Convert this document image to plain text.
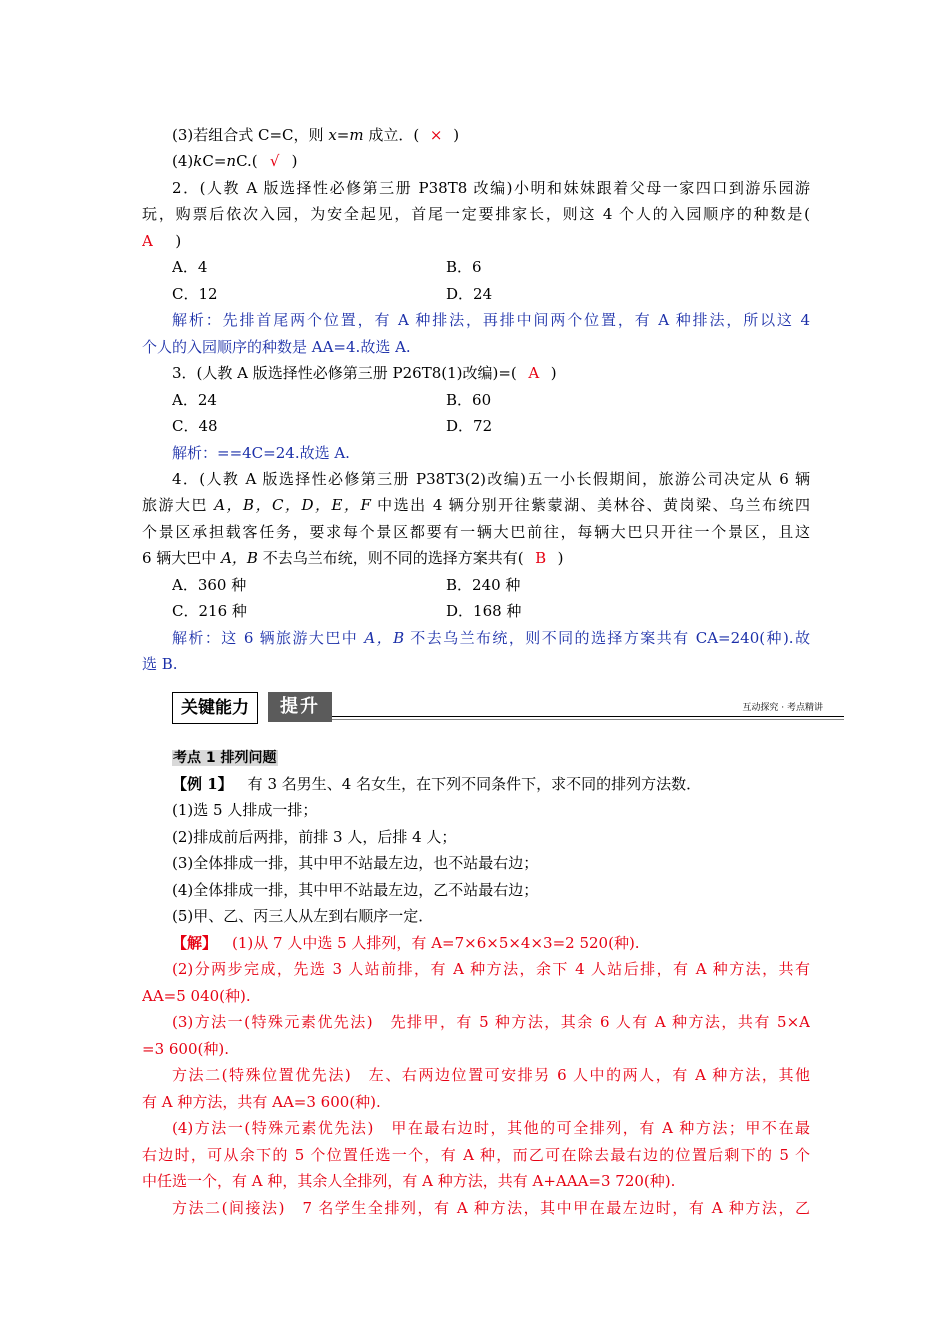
(3)若组合式 C=C，则 x=m 成立．( × )
(4)kC=nC.( √ )
2．(人教 A 版选择性必修第三册 P38T8 改编)小明和妹妹跟着父母一家四口到游乐园游
玩，购票后依次入园，为安全起见，首尾一定要排家长，则这 4 个人的入园顺序的种数是(
A   )
A．4	B．6
C．12	D．24
解析：先排首尾两个位置，有 A 种排法，再排中间两个位置，有 A 种排法，所以这 4
个人的入园顺序的种数是 AA=4.故选 A.
3．(人教 A 版选择性必修第三册 P26T8(1)改编)=( A )
A．24	B．60
C．48	D．72
解析：==4C=24.故选 A.
4．(人教 A 版选择性必修第三册 P38T3(2)改编)五一小长假期间，旅游公司决定从 6 辆
旅游大巴 A，B，C，D，E，F 中选出 4 辆分别开往紫蒙湖、美林谷、黄岗梁、乌兰布统四
个景区承担载客任务，要求每个景区都要有一辆大巴前往，每辆大巴只开往一个景区，且这
6 辆大巴中 A，B 不去乌兰布统，则不同的选择方案共有( B )
A．360 种	B．240 种
C．216 种	D．168 种
解析：这 6 辆旅游大巴中 A，B 不去乌兰布统，则不同的选择方案共有 CA=240(种).故
选 B.
关键能力	提升	互动探究 · 考点精讲
考点 1 排列问题
【例 1】  有 3 名男生、4 名女生，在下列不同条件下，求不同的排列方法数．
(1)选 5 人排成一排；
(2)排成前后两排，前排 3 人，后排 4 人；
(3)全体排成一排，其中甲不站最左边，也不站最右边；
(4)全体排成一排，其中甲不站最左边，乙不站最右边；
(5)甲、乙、丙三人从左到右顺序一定．
【解】  (1)从 7 人中选 5 人排列，有 A=7×6×5×4×3=2 520(种).
(2)分两步完成，先选 3 人站前排，有 A 种方法，余下 4 人站后排，有 A 种方法，共有
AA=5 040(种).
(3)方法一(特殊元素优先法)　先排甲，有 5 种方法，其余 6 人有 A 种方法，共有 5×A
=3 600(种).
方法二(特殊位置优先法)　左、右两边位置可安排另 6 人中的两人，有 A 种方法，其他
有 A 种方法，共有 AA=3 600(种).
(4)方法一(特殊元素优先法)　甲在最右边时，其他的可全排列，有 A 种方法；甲不在最
右边时，可从余下的 5 个位置任选一个，有 A 种，而乙可在除去最右边的位置后剩下的 5 个
中任选一个，有 A 种，其余人全排列，有 A 种方法，共有 A+AAA=3 720(种).
方法二(间接法)　7 名学生全排列，有 A 种方法，其中甲在最左边时，有 A 种方法，乙
